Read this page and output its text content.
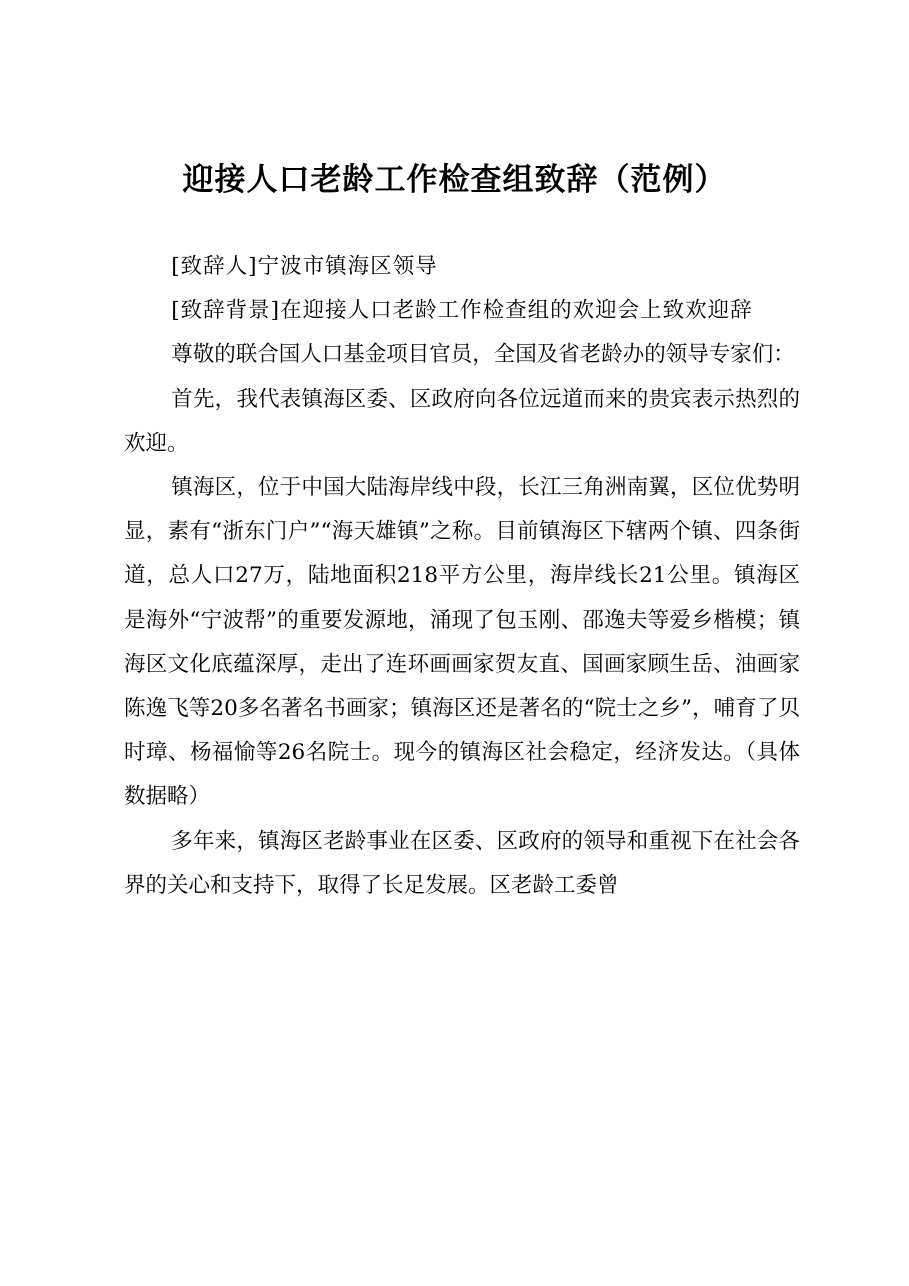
迎接人口老龄工作检查组致辞（范例）

[致辞人]宁波市镇海区领导

[致辞背景]在迎接人口老龄工作检查组的欢迎会上致欢迎辞

尊敬的联合国人口基金项目官员，全国及省老龄办的领导专家们：

首先，我代表镇海区委、区政府向各位远道而来的贵宾表示热烈的欢迎。

镇海区，位于中国大陆海岸线中段，长江三角洲南翼，区位优势明显，素有“浙东门户”“海天雄镇”之称。目前镇海区下辖两个镇、四条街道，总人口27万，陆地面积218平方公里，海岸线长21公里。镇海区是海外“宁波帮”的重要发源地，涌现了包玉刚、邵逸夫等爱乡楷模；镇海区文化底蕴深厚，走出了连环画画家贺友直、国画家顾生岳、油画家陈逸飞等20多名著名书画家；镇海区还是著名的“院士之乡”，哺育了贝时璋、杨福愉等26名院士。现今的镇海区社会稳定，经济发达。（具体数据略）

多年来，镇海区老龄事业在区委、区政府的领导和重视下在社会各界的关心和支持下，取得了长足发展。区老龄工委曾
